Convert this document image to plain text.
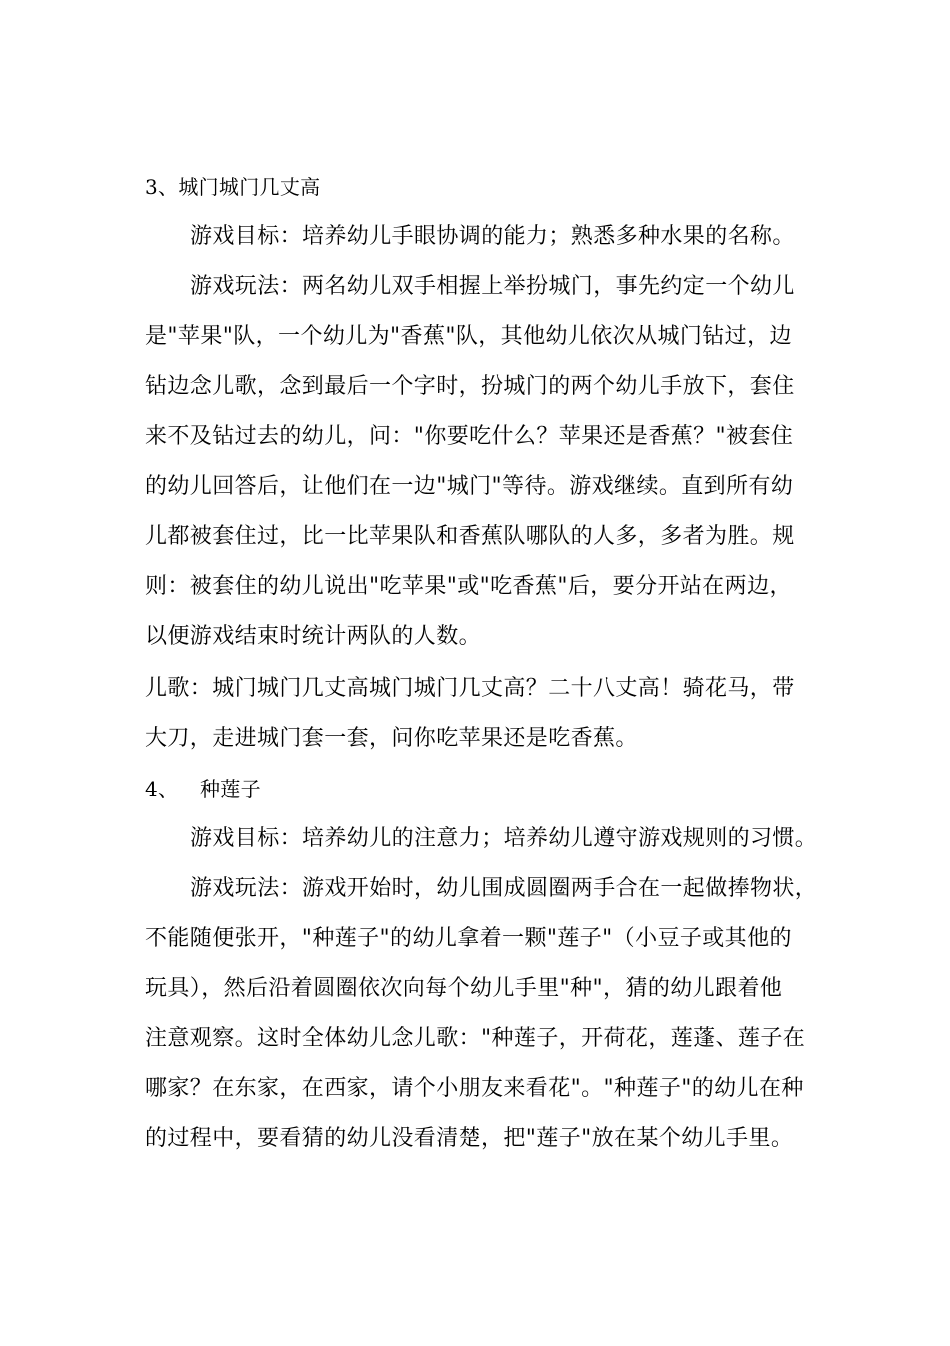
3、城门城门几丈高
游戏目标：培养幼儿手眼协调的能力；熟悉多种水果的名称。
游戏玩法：两名幼儿双手相握上举扮城门，事先约定一个幼儿
是"苹果"队，一个幼儿为"香蕉"队，其他幼儿依次从城门钻过，边
钻边念儿歌，念到最后一个字时，扮城门的两个幼儿手放下，套住
来不及钻过去的幼儿，问："你要吃什么？苹果还是香蕉？"被套住
的幼儿回答后，让他们在一边"城门"等待。游戏继续。直到所有幼
儿都被套住过，比一比苹果队和香蕉队哪队的人多，多者为胜。规
则：被套住的幼儿说出"吃苹果"或"吃香蕉"后，要分开站在两边，
以便游戏结束时统计两队的人数。
儿歌：城门城门几丈高城门城门几丈高？二十八丈高！骑花马，带
大刀，走进城门套一套，问你吃苹果还是吃香蕉。
4、 种莲子
游戏目标：培养幼儿的注意力；培养幼儿遵守游戏规则的习惯。
游戏玩法：游戏开始时，幼儿围成圆圈两手合在一起做捧物状，
不能随便张开，"种莲子"的幼儿拿着一颗"莲子"（小豆子或其他的
玩具），然后沿着圆圈依次向每个幼儿手里"种"，猜的幼儿跟着他
注意观察。这时全体幼儿念儿歌："种莲子，开荷花，莲蓬、莲子在
哪家？在东家，在西家，请个小朋友来看花"。"种莲子"的幼儿在种
的过程中，要看猜的幼儿没看清楚，把"莲子"放在某个幼儿手里。
